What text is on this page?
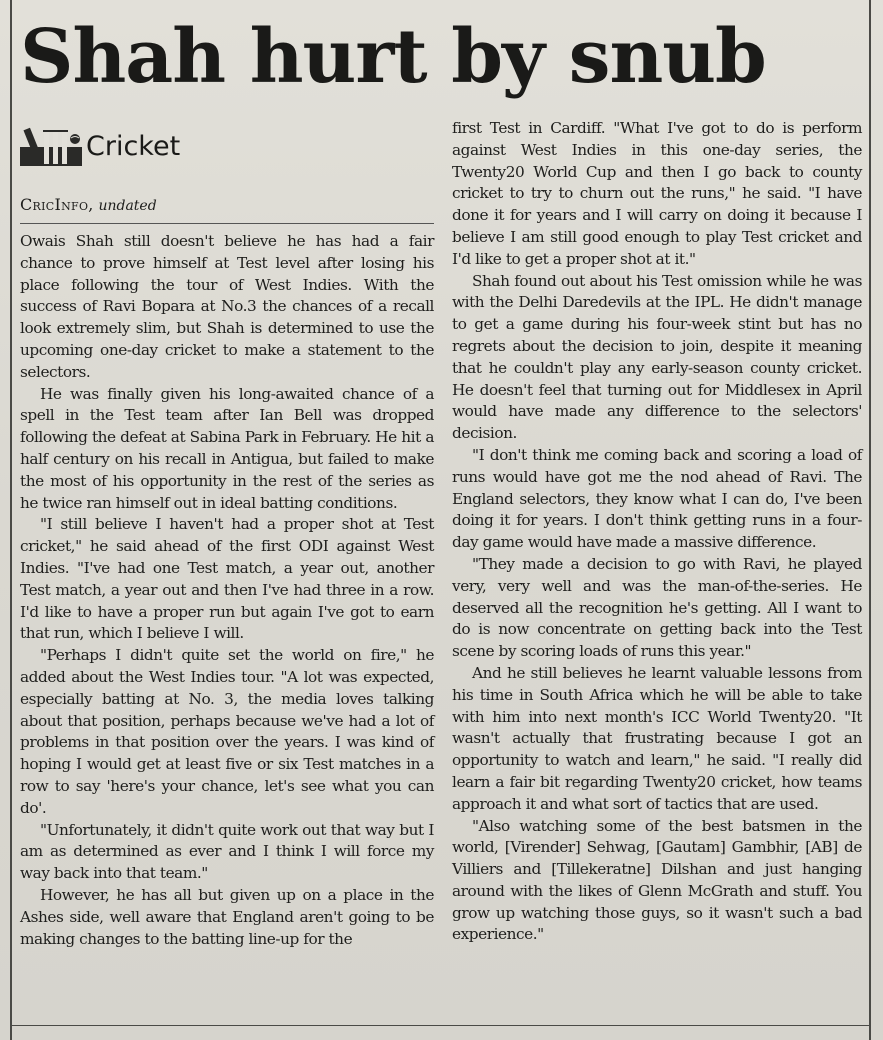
Shah hurt by snub
Cricket
CricInfo, undated

Owais Shah still doesn't believe he has had a fair chance to prove himself at Test level after losing his place following the tour of West Indies. With the success of Ravi Bopara at No.3 the chances of a recall look extremely slim, but Shah is determined to use the upcoming one-day cricket to make a statement to the selectors.

He was finally given his long-awaited chance of a spell in the Test team after Ian Bell was dropped following the defeat at Sabina Park in February. He hit a half century on his recall in Antigua, but failed to make the most of his opportunity in the rest of the series as he twice ran himself out in ideal batting conditions.

"I still believe I haven't had a proper shot at Test cricket," he said ahead of the first ODI against West Indies. "I've had one Test match, a year out, another Test match, a year out and then I've had three in a row. I'd like to have a proper run but again I've got to earn that run, which I believe I will.

"Perhaps I didn't quite set the world on fire," he added about the West Indies tour. "A lot was expected, especially batting at No. 3, the media loves talking about that position, perhaps because we've had a lot of problems in that position over the years. I was kind of hoping I would get at least five or six Test matches in a row to say 'here's your chance, let's see what you can do'.

"Unfortunately, it didn't quite work out that way but I am as determined as ever and I think I will force my way back into that team."

However, he has all but given up on a place in the Ashes side, well aware that England aren't going to be making changes to the batting line-up for the

first Test in Cardiff. "What I've got to do is perform against West Indies in this one-day series, the Twenty20 World Cup and then I go back to county cricket to try to churn out the runs," he said. "I have done it for years and I will carry on doing it because I believe I am still good enough to play Test cricket and I'd like to get a proper shot at it."

Shah found out about his Test omission while he was with the Delhi Daredevils at the IPL. He didn't manage to get a game during his four-week stint but has no regrets about the decision to join, despite it meaning that he couldn't play any early-season county cricket. He doesn't feel that turning out for Middlesex in April would have made any difference to the selectors' decision.

"I don't think me coming back and scoring a load of runs would have got me the nod ahead of Ravi. The England selectors, they know what I can do, I've been doing it for years. I don't think getting runs in a four-day game would have made a massive difference.

"They made a decision to go with Ravi, he played very, very well and was the man-of-the-series. He deserved all the recognition he's getting. All I want to do is now concentrate on getting back into the Test scene by scoring loads of runs this year."

And he still believes he learnt valuable lessons from his time in South Africa which he will be able to take with him into next month's ICC World Twenty20. "It wasn't actually that frustrating because I got an opportunity to watch and learn," he said. "I really did learn a fair bit regarding Twenty20 cricket, how teams approach it and what sort of tactics that are used.

"Also watching some of the best batsmen in the world, [Virender] Sehwag, [Gautam] Gambhir, [AB] de Villiers and [Tillekeratne] Dilshan and just hanging around with the likes of Glenn McGrath and stuff. You grow up watching those guys, so it wasn't such a bad experience."
